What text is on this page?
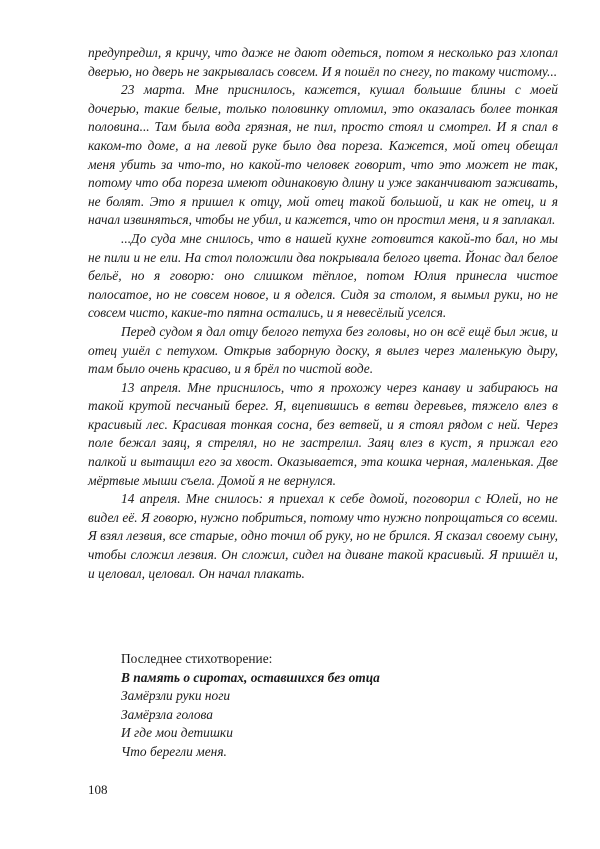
предупредил, я кричу, что даже не дают одеться, потом я несколько раз хлопал дверью, но дверь не закрывалась совсем. И я пошёл по снегу, по такому чистому...

23 марта. Мне приснилось, кажется, кушал большие блины с моей дочерью, такие белые, только половинку отломил, это оказалась более тонкая половина... Там была вода грязная, не пил, просто стоял и смотрел. И я спал в каком-то доме, а на левой руке было два пореза. Кажется, мой отец обещал меня убить за что-то, но какой-то человек говорит, что это может не так, потому что оба пореза имеют одинаковую длину и уже заканчивают заживать, не болят. Это я пришел к отцу, мой отец такой большой, и как не отец, и я начал извиняться, чтобы не убил, и кажется, что он простил меня, и я заплакал.

...До суда мне снилось, что в нашей кухне готовится какой-то бал, но мы не пили и не ели. На стол положили два покрывала белого цвета. Йонас дал белое бельё, но я говорю: оно слишком тёплое, потом Юлия принесла чистое полосатое, но не совсем новое, и я оделся. Сидя за столом, я вымыл руки, но не совсем чисто, какие-то пятна остались, и я невесёлый уселся.

Перед судом я дал отцу белого петуха без головы, но он всё ещё был жив, и отец ушёл с петухом. Открыв заборную доску, я вылез через маленькую дыру, там было очень красиво, и я брёл по чистой воде.

13 апреля. Мне приснилось, что я прохожу через канаву и забираюсь на такой крутой песчаный берег. Я, вцепившись в ветви деревьев, тяжело влез в красивый лес. Красивая тонкая сосна, без ветвей, и я стоял рядом с ней. Через поле бежал заяц, я стрелял, но не застрелил. Заяц влез в куст, я прижал его палкой и вытащил его за хвост. Оказывается, эта кошка черная, маленькая. Две мёртвые мыши съела. Домой я не вернулся.

14 апреля. Мне снилось: я приехал к себе домой, поговорил с Юлей, но не видел её. Я говорю, нужно побриться, потому что нужно попрощаться со всеми. Я взял лезвия, все старые, одно точил об руку, но не брился. Я сказал своему сыну, чтобы сложил лезвия. Он сложил, сидел на диване такой красивый. Я пришёл и, и целовал, целовал. Он начал плакать.

Последнее стихотворение:

В память о сиротах, оставшихся без отца

Замёрзли руки ноги

Замёрзла голова

И где мои детишки

Что берегли меня.

108
